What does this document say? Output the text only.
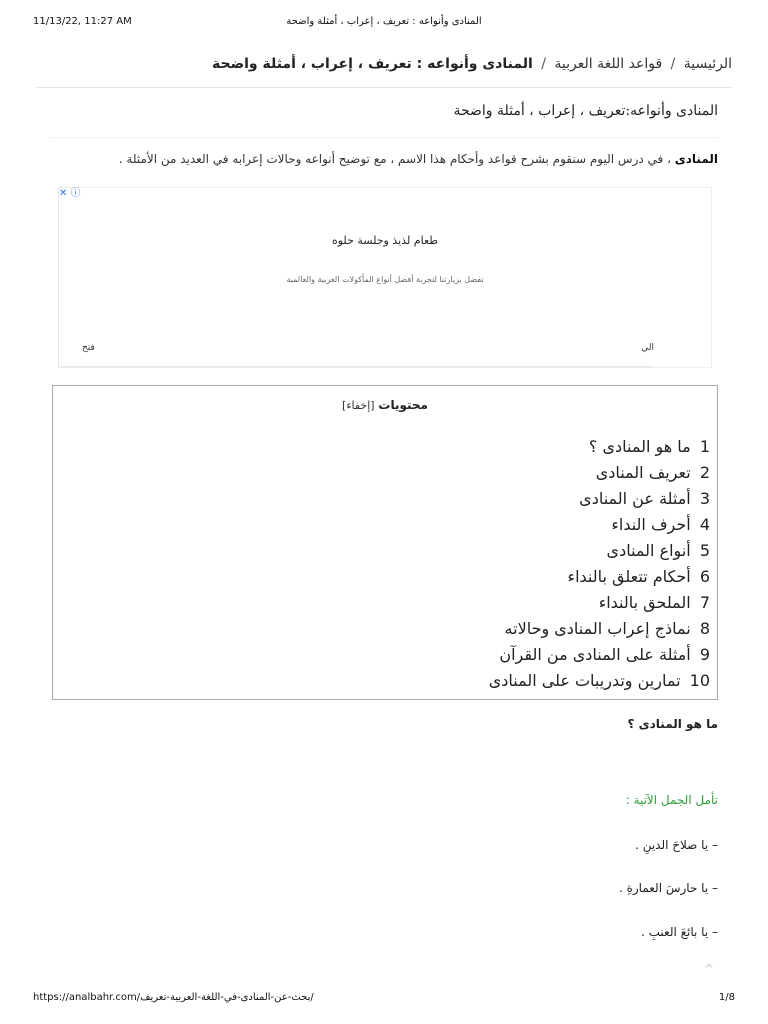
11/13/22, 11:27 AM	المنادى وأنواعه : تعريف ، إعراب ، أمثلة واضحة
الرئيسية / قواعد اللغة العربية / المنادى وأنواعه : تعريف ، إعراب ، أمثلة واضحة
المنادى وأنواعه:تعريف ، إعراب ، أمثلة واضحة
المنادى ، في درس اليوم سنقوم بشرح قواعد وأحكام هذا الاسم ، مع توضيح أنواعه وحالات إعرابه في العديد من الأمثلة .
✕ ⓘ
طعام لذيذ وجلسة حلوه
تفضل بزيارتنا لتجربة أفضل أنواع المأكولات العربية والعالمية
فتح	الي
محتويات [إخفاء]
1 ما هو المنادى ؟
2 تعريف المنادى
3 أمثلة عن المنادى
4 أحرف النداء
5 أنواع المنادى
6 أحكام تتعلق بالنداء
7 الملحق بالنداء
8 نماذج إعراب المنادى وحالاته
9 أمثلة على المنادى من القرآن
10 تمارين وتدريبات على المنادى
ما هو المنادى ؟
تأمل الجمل الآتية :
– يا صلاحَ الدينِ .
– يا حارسَ العمارةِ .
– يا بائعَ العنبِ .
^
https://analbahr.com/بحث-عن-المنادى-في-اللغة-العربية-تعريف/	1/8
